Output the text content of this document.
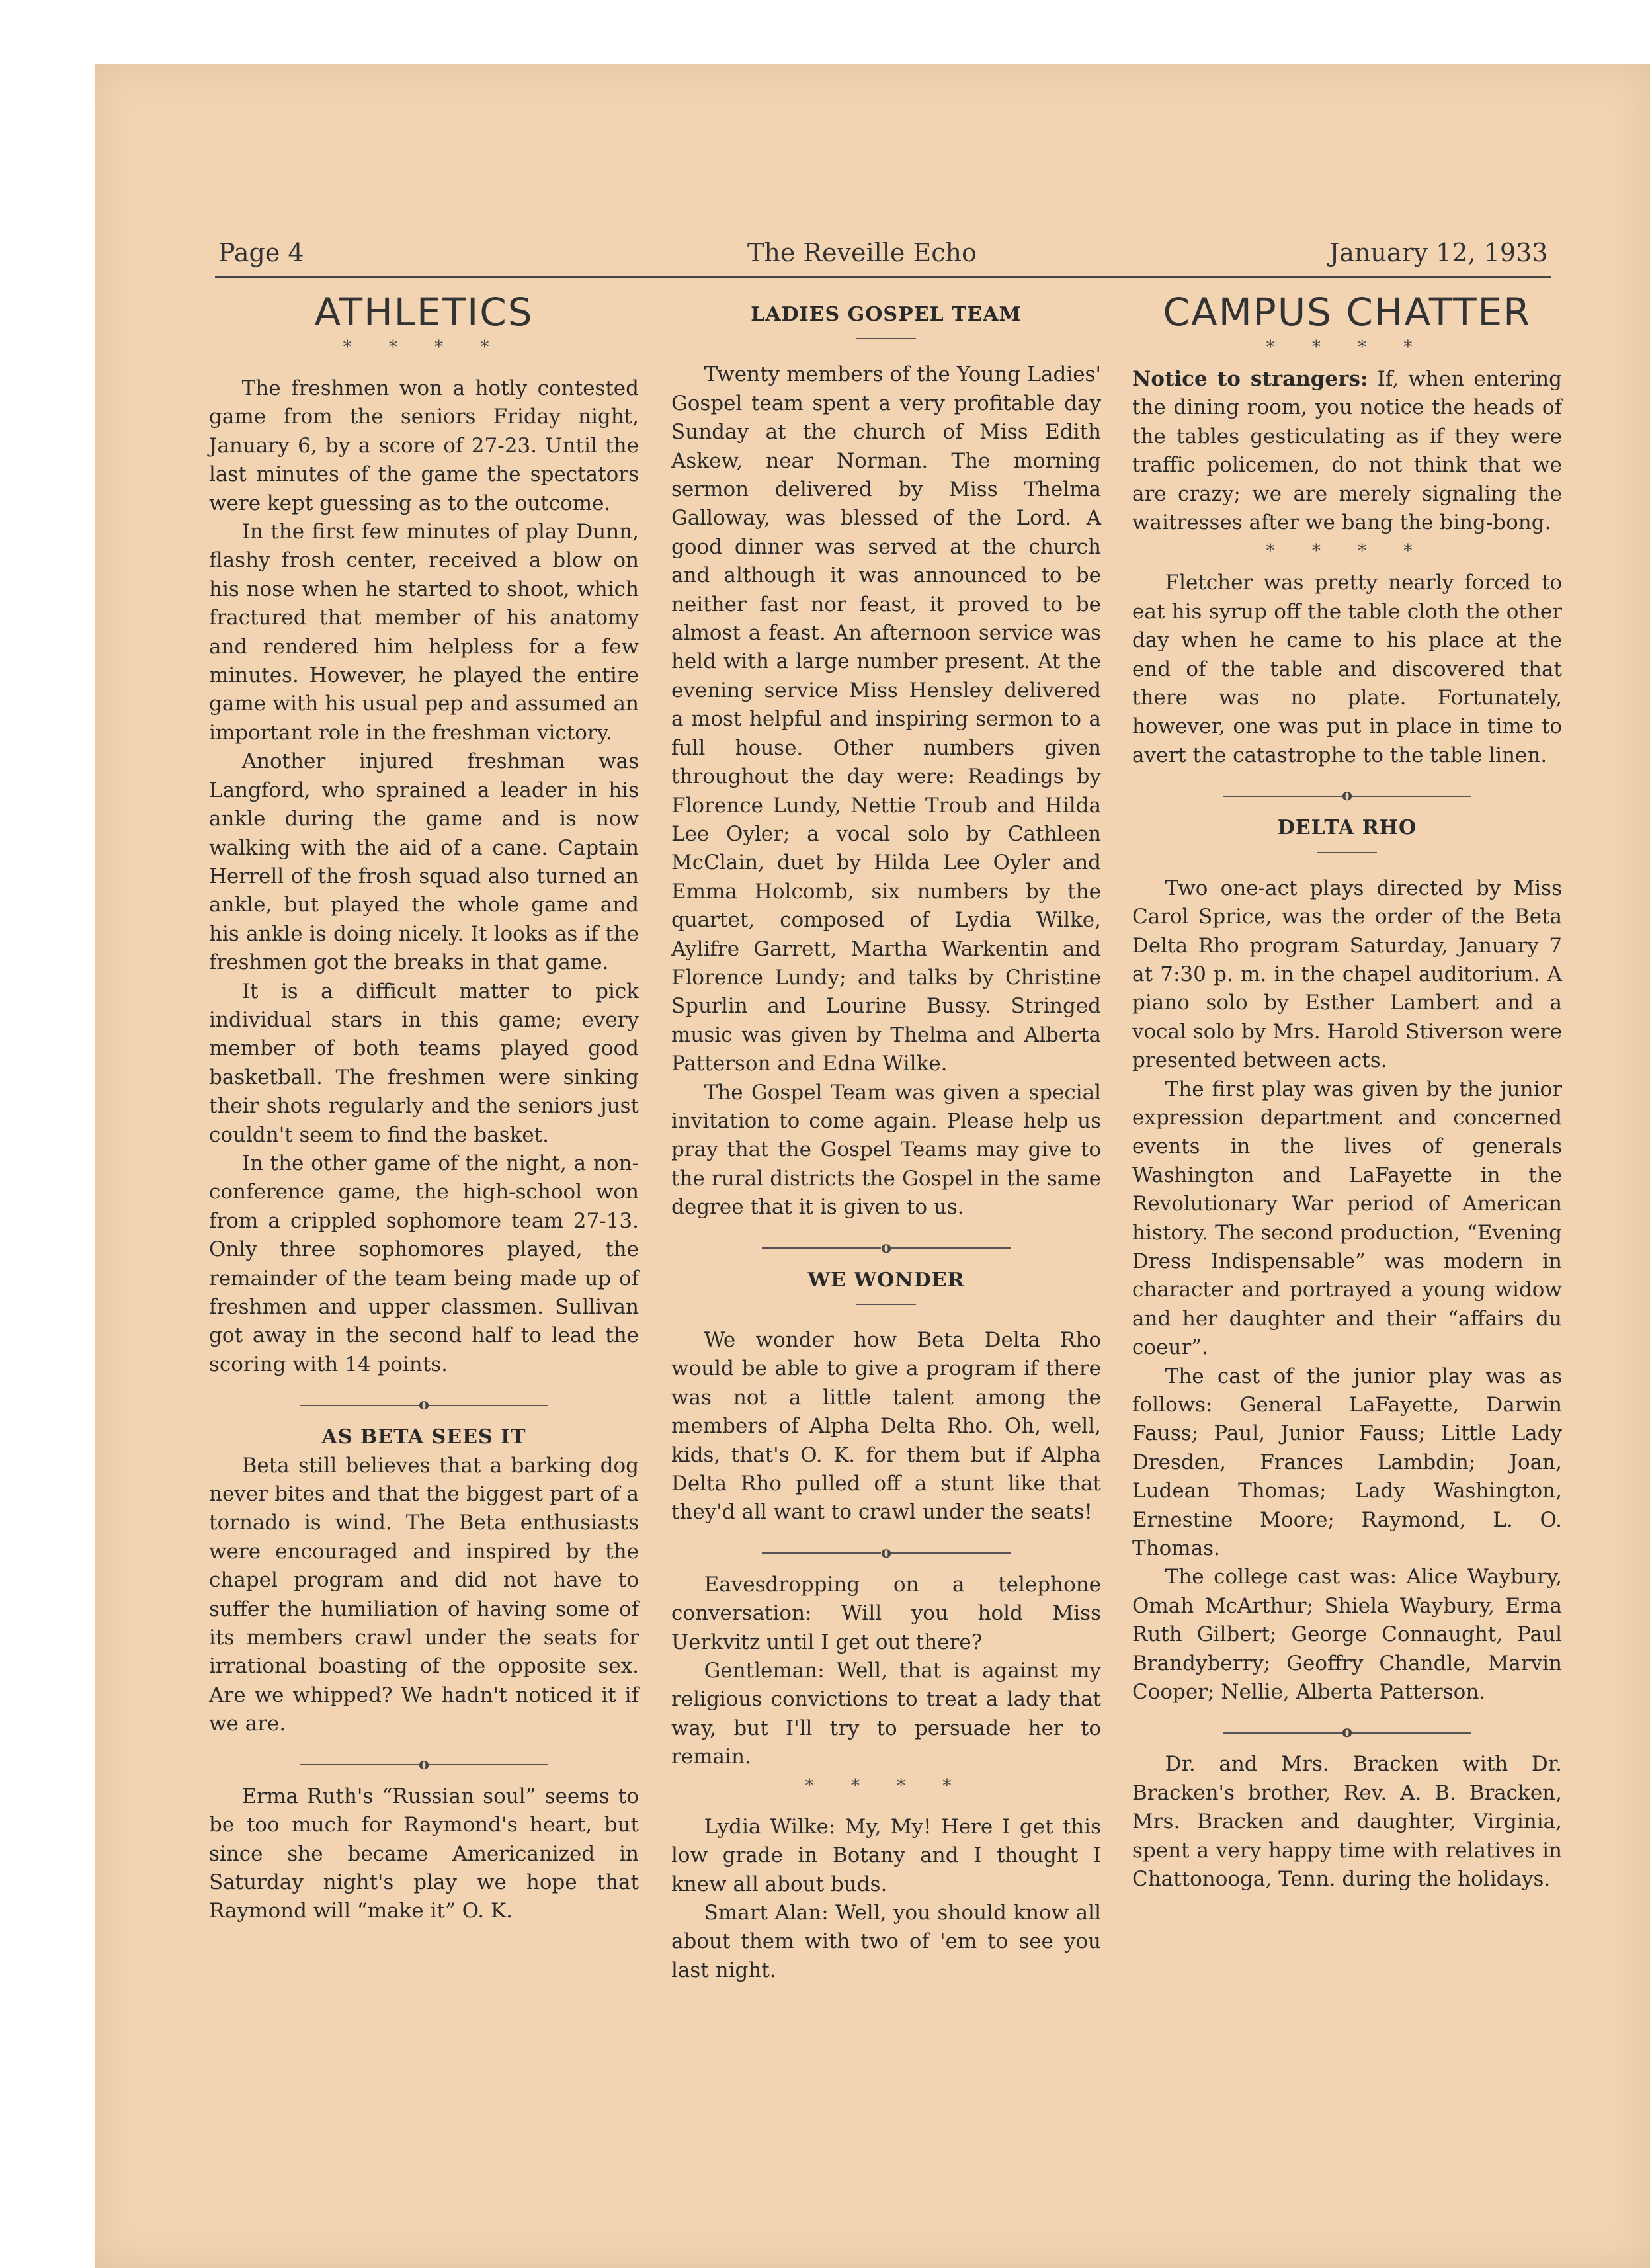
Page 4	The Reveille Echo	January 12, 1933
ATHLETICS
* * * *

The freshmen won a hotly contested game from the seniors Friday night, January 6, by a score of 27-23. Until the last minutes of the game the spectators were kept guessing as to the outcome.

In the first few minutes of play Dunn, flashy frosh center, received a blow on his nose when he started to shoot, which fractured that member of his anatomy and rendered him helpless for a few minutes. However, he played the entire game with his usual pep and assumed an important role in the freshman victory.

Another injured freshman was Langford, who sprained a leader in his ankle during the game and is now walking with the aid of a cane. Captain Herrell of the frosh squad also turned an ankle, but played the whole game and his ankle is doing nicely. It looks as if the freshmen got the breaks in that game.

It is a difficult matter to pick individual stars in this game; every member of both teams played good basketball. The freshmen were sinking their shots regularly and the seniors just couldn't seem to find the basket.

In the other game of the night, a non-conference game, the high-school won from a crippled sophomore team 27-13. Only three sophomores played, the remainder of the team being made up of freshmen and upper classmen. Sullivan got away in the second half to lead the scoring with 14 points.

o
AS BETA SEES IT

Beta still believes that a barking dog never bites and that the biggest part of a tornado is wind. The Beta enthusiasts were encouraged and inspired by the chapel program and did not have to suffer the humiliation of having some of its members crawl under the seats for irrational boasting of the opposite sex. Are we whipped? We hadn't noticed it if we are.

o

Erma Ruth's “Russian soul” seems to be too much for Raymond's heart, but since she became Americanized in Saturday night's play we hope that Raymond will “make it” O. K.

LADIES GOSPEL TEAM

Twenty members of the Young Ladies' Gospel team spent a very profitable day Sunday at the church of Miss Edith Askew, near Norman. The morning sermon delivered by Miss Thelma Galloway, was blessed of the Lord. A good dinner was served at the church and although it was announced to be neither fast nor feast, it proved to be almost a feast. An afternoon service was held with a large number present. At the evening service Miss Hensley delivered a most helpful and inspiring sermon to a full house. Other numbers given throughout the day were: Readings by Florence Lundy, Nettie Troub and Hilda Lee Oyler; a vocal solo by Cathleen McClain, duet by Hilda Lee Oyler and Emma Holcomb, six numbers by the quartet, composed of Lydia Wilke, Aylifre Garrett, Martha Warkentin and Florence Lundy; and talks by Christine Spurlin and Lourine Bussy. Stringed music was given by Thelma and Alberta Patterson and Edna Wilke.

The Gospel Team was given a special invitation to come again. Please help us pray that the Gospel Teams may give to the rural districts the Gospel in the same degree that it is given to us.

o
WE WONDER

We wonder how Beta Delta Rho would be able to give a program if there was not a little talent among the members of Alpha Delta Rho. Oh, well, kids, that's O. K. for them but if Alpha Delta Rho pulled off a stunt like that they'd all want to crawl under the seats!

o

Eavesdropping on a telephone conversation: Will you hold Miss Uerkvitz until I get out there?

Gentleman: Well, that is against my religious convictions to treat a lady that way, but I'll try to persuade her to remain.

* * * *

Lydia Wilke: My, My! Here I get this low grade in Botany and I thought I knew all about buds.

Smart Alan: Well, you should know all about them with two of 'em to see you last night.

CAMPUS CHATTER
* * * *

Notice to strangers: If, when entering the dining room, you notice the heads of the tables gesticulating as if they were traffic policemen, do not think that we are crazy; we are merely signaling the waitresses after we bang the bing-bong.

* * * *

Fletcher was pretty nearly forced to eat his syrup off the table cloth the other day when he came to his place at the end of the table and discovered that there was no plate. Fortunately, however, one was put in place in time to avert the catastrophe to the table linen.

o
DELTA RHO

Two one-act plays directed by Miss Carol Sprice, was the order of the Beta Delta Rho program Saturday, January 7 at 7:30 p. m. in the chapel auditorium. A piano solo by Esther Lambert and a vocal solo by Mrs. Harold Stiverson were presented between acts.

The first play was given by the junior expression department and concerned events in the lives of generals Washington and LaFayette in the Revolutionary War period of American history. The second production, “Evening Dress Indispensable” was modern in character and portrayed a young widow and her daughter and their “affairs du coeur”.

The cast of the junior play was as follows: General LaFayette, Darwin Fauss; Paul, Junior Fauss; Little Lady Dresden, Frances Lambdin; Joan, Ludean Thomas; Lady Washington, Ernestine Moore; Raymond, L. O. Thomas.

The college cast was: Alice Waybury, Omah McArthur; Shiela Waybury, Erma Ruth Gilbert; George Connaught, Paul Brandyberry; Geoffry Chandle, Marvin Cooper; Nellie, Alberta Patterson.

o

Dr. and Mrs. Bracken with Dr. Bracken's brother, Rev. A. B. Bracken, Mrs. Bracken and daughter, Virginia, spent a very happy time with relatives in Chattonooga, Tenn. during the holidays.
